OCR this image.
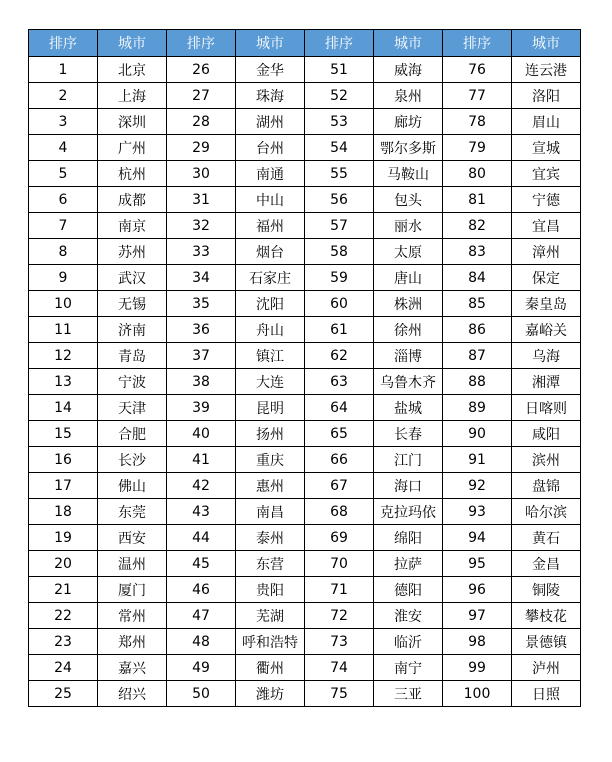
排序	城市	排序	城市	排序	城市	排序	城市
1	北京	26	金华	51	威海	76	连云港
2	上海	27	珠海	52	泉州	77	洛阳
3	深圳	28	湖州	53	廊坊	78	眉山
4	广州	29	台州	54	鄂尔多斯	79	宣城
5	杭州	30	南通	55	马鞍山	80	宜宾
6	成都	31	中山	56	包头	81	宁德
7	南京	32	福州	57	丽水	82	宜昌
8	苏州	33	烟台	58	太原	83	漳州
9	武汉	34	石家庄	59	唐山	84	保定
10	无锡	35	沈阳	60	株洲	85	秦皇岛
11	济南	36	舟山	61	徐州	86	嘉峪关
12	青岛	37	镇江	62	淄博	87	乌海
13	宁波	38	大连	63	乌鲁木齐	88	湘潭
14	天津	39	昆明	64	盐城	89	日喀则
15	合肥	40	扬州	65	长春	90	咸阳
16	长沙	41	重庆	66	江门	91	滨州
17	佛山	42	惠州	67	海口	92	盘锦
18	东莞	43	南昌	68	克拉玛依	93	哈尔滨
19	西安	44	泰州	69	绵阳	94	黄石
20	温州	45	东营	70	拉萨	95	金昌
21	厦门	46	贵阳	71	德阳	96	铜陵
22	常州	47	芜湖	72	淮安	97	攀枝花
23	郑州	48	呼和浩特	73	临沂	98	景德镇
24	嘉兴	49	衢州	74	南宁	99	泸州
25	绍兴	50	潍坊	75	三亚	100	日照
